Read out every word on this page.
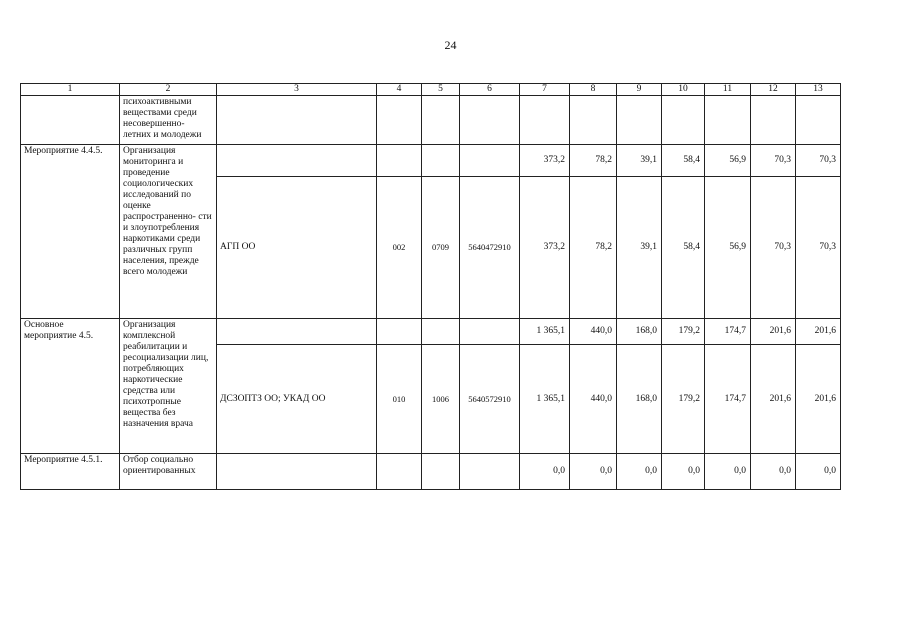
24
1	2	3	4	5	6	7	8	9	10	11	12	13
	психоактивными веществами среди несовершенно- летних и молодежи											
Мероприятие 4.4.5.	Организация мониторинга и проведение социологических исследований по оценке распространенно- сти и злоупотребления наркотиками среди различных групп населения, прежде всего молодежи					373,2	78,2	39,1	58,4	56,9	70,3	70,3
		АГП ОО	002	0709	5640472910	373,2	78,2	39,1	58,4	56,9	70,3	70,3
Основное мероприятие 4.5.	Организация комплексной реабилитации и ресоциализации лиц, потребляющих наркотические средства или психотропные вещества без назначения врача					1 365,1	440,0	168,0	179,2	174,7	201,6	201,6
		ДСЗОПТЗ ОО; УКАД ОО	010	1006	5640572910	1 365,1	440,0	168,0	179,2	174,7	201,6	201,6
Мероприятие 4.5.1.	Отбор социально ориентированных					0,0	0,0	0,0	0,0	0,0	0,0	0,0
